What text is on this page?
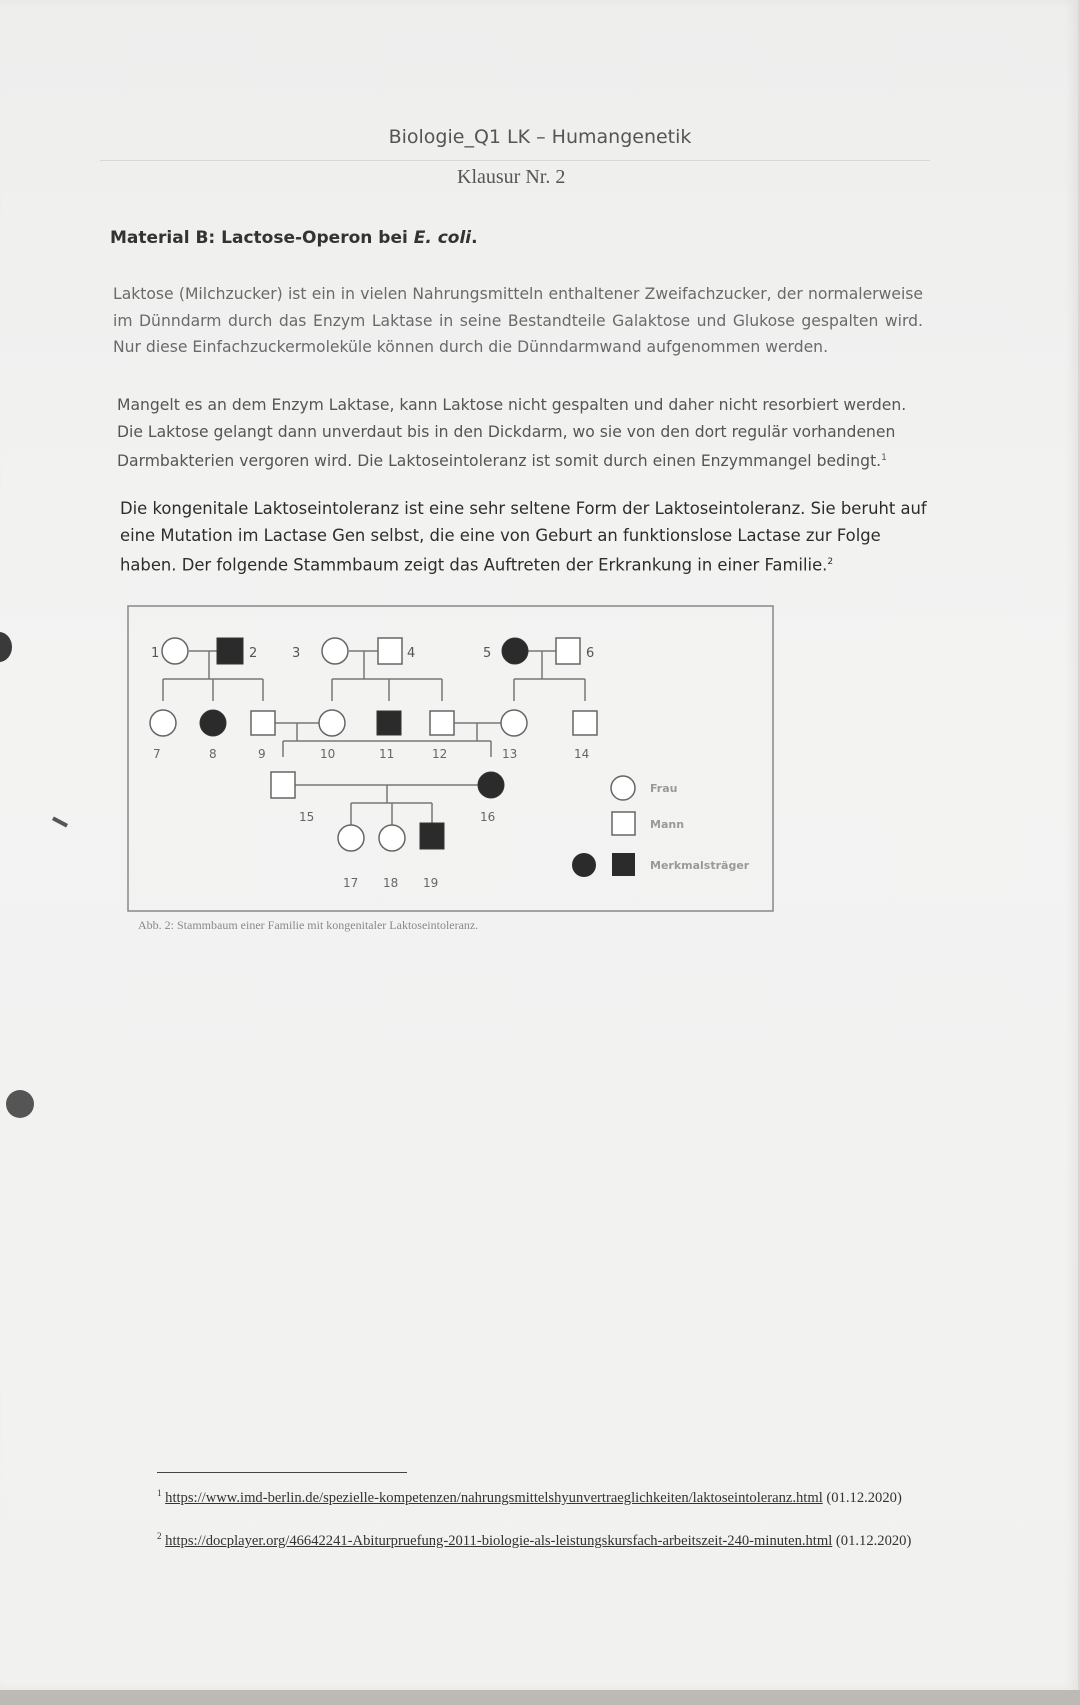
Biologie_Q1 LK – Humangenetik
Klausur Nr. 2
Material B: Lactose-Operon bei E. coli.
Laktose (Milchzucker) ist ein in vielen Nahrungsmitteln enthaltener Zweifachzucker, der normalerweise im Dünndarm durch das Enzym Laktase in seine Bestandteile Galaktose und Glukose gespalten wird. Nur diese Einfachzuckermoleküle können durch die Dünndarmwand aufgenommen werden.
Mangelt es an dem Enzym Laktase, kann Laktose nicht gespalten und daher nicht resorbiert werden. Die Laktose gelangt dann unverdaut bis in den Dickdarm, wo sie von den dort regulär vorhandenen Darmbakterien vergoren wird. Die Laktoseintoleranz ist somit durch einen Enzymmangel bedingt.$^1$
Die kongenitale Laktoseintoleranz ist eine sehr seltene Form der Laktoseintoleranz. Sie beruht auf eine Mutation im Lactase Gen selbst, die eine von Geburt an funktionslose Lactase zur Folge haben. Der folgende Stammbaum zeigt das Auftreten der Erkrankung in einer Familie.$^2$
1	2	3	4	5	6
7	8	9	10	11	12	13	14
15	16
17 18 19
Frau
Mann
Merkmalsträger
Abb. 2: Stammbaum einer Familie mit kongenitaler Laktoseintoleranz.
$^1$ https://www.imd-berlin.de/spezielle-kompetenzen/nahrungsmittelshyunvertraeglichkeiten/laktoseintoleranz.html (01.12.2020)
$^2$ https://docplayer.org/46642241-Abiturpruefung-2011-biologie-als-leistungskursfach-arbeitszeit-240-minuten.html (01.12.2020)
